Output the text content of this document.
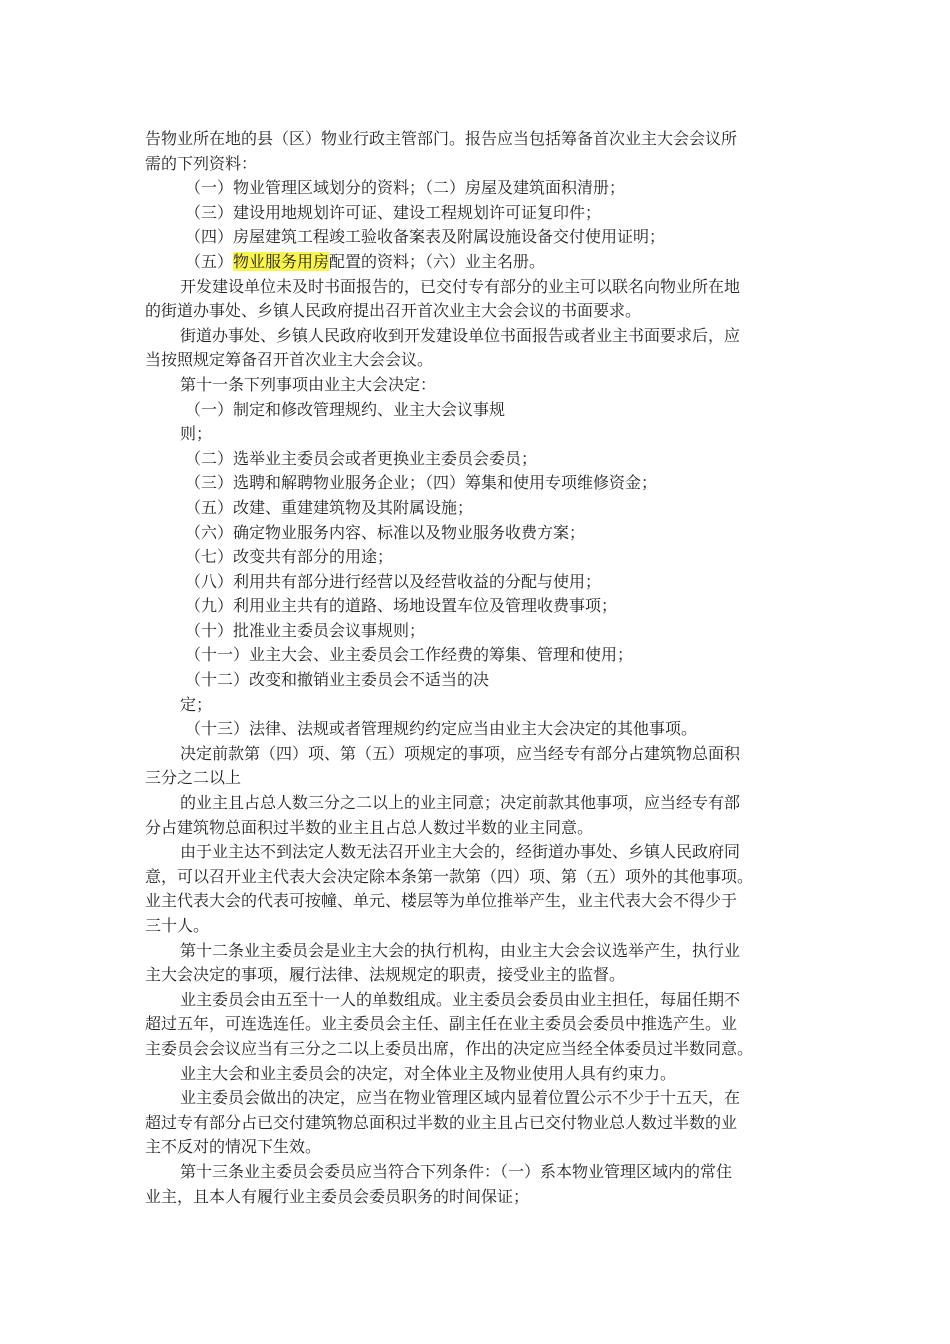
告物业所在地的县（区）物业行政主管部门。报告应当包括筹备首次业主大会会议所
需的下列资料：
（一）物业管理区域划分的资料；（二）房屋及建筑面积清册；
（三）建设用地规划许可证、建设工程规划许可证复印件；
（四）房屋建筑工程竣工验收备案表及附属设施设备交付使用证明；
（五）物业服务用房配置的资料；（六）业主名册。
开发建设单位未及时书面报告的，已交付专有部分的业主可以联名向物业所在地
的街道办事处、乡镇人民政府提出召开首次业主大会会议的书面要求。
街道办事处、乡镇人民政府收到开发建设单位书面报告或者业主书面要求后，应
当按照规定筹备召开首次业主大会会议。
第十一条下列事项由业主大会决定：
（一）制定和修改管理规约、业主大会议事规
则；
（二）选举业主委员会或者更换业主委员会委员；
（三）选聘和解聘物业服务企业；（四）筹集和使用专项维修资金；
（五）改建、重建建筑物及其附属设施；
（六）确定物业服务内容、标准以及物业服务收费方案；
（七）改变共有部分的用途；
（八）利用共有部分进行经营以及经营收益的分配与使用；
（九）利用业主共有的道路、场地设置车位及管理收费事项；
（十）批准业主委员会议事规则；
（十一）业主大会、业主委员会工作经费的筹集、管理和使用；
（十二）改变和撤销业主委员会不适当的决
定；
（十三）法律、法规或者管理规约约定应当由业主大会决定的其他事项。
决定前款第（四）项、第（五）项规定的事项，应当经专有部分占建筑物总面积
三分之二以上
的业主且占总人数三分之二以上的业主同意；决定前款其他事项，应当经专有部
分占建筑物总面积过半数的业主且占总人数过半数的业主同意。
由于业主达不到法定人数无法召开业主大会的，经街道办事处、乡镇人民政府同
意，可以召开业主代表大会决定除本条第一款第（四）项、第（五）项外的其他事项。
业主代表大会的代表可按幢、单元、楼层等为单位推举产生，业主代表大会不得少于
三十人。
第十二条业主委员会是业主大会的执行机构，由业主大会会议选举产生，执行业
主大会决定的事项，履行法律、法规规定的职责，接受业主的监督。
业主委员会由五至十一人的单数组成。业主委员会委员由业主担任，每届任期不
超过五年，可连选连任。业主委员会主任、副主任在业主委员会委员中推选产生。业
主委员会会议应当有三分之二以上委员出席，作出的决定应当经全体委员过半数同意。
业主大会和业主委员会的决定，对全体业主及物业使用人具有约束力。
业主委员会做出的决定，应当在物业管理区域内显着位置公示不少于十五天，在
超过专有部分占已交付建筑物总面积过半数的业主且占已交付物业总人数过半数的业
主不反对的情况下生效。
第十三条业主委员会委员应当符合下列条件：（一）系本物业管理区域内的常住
业主，且本人有履行业主委员会委员职务的时间保证；
